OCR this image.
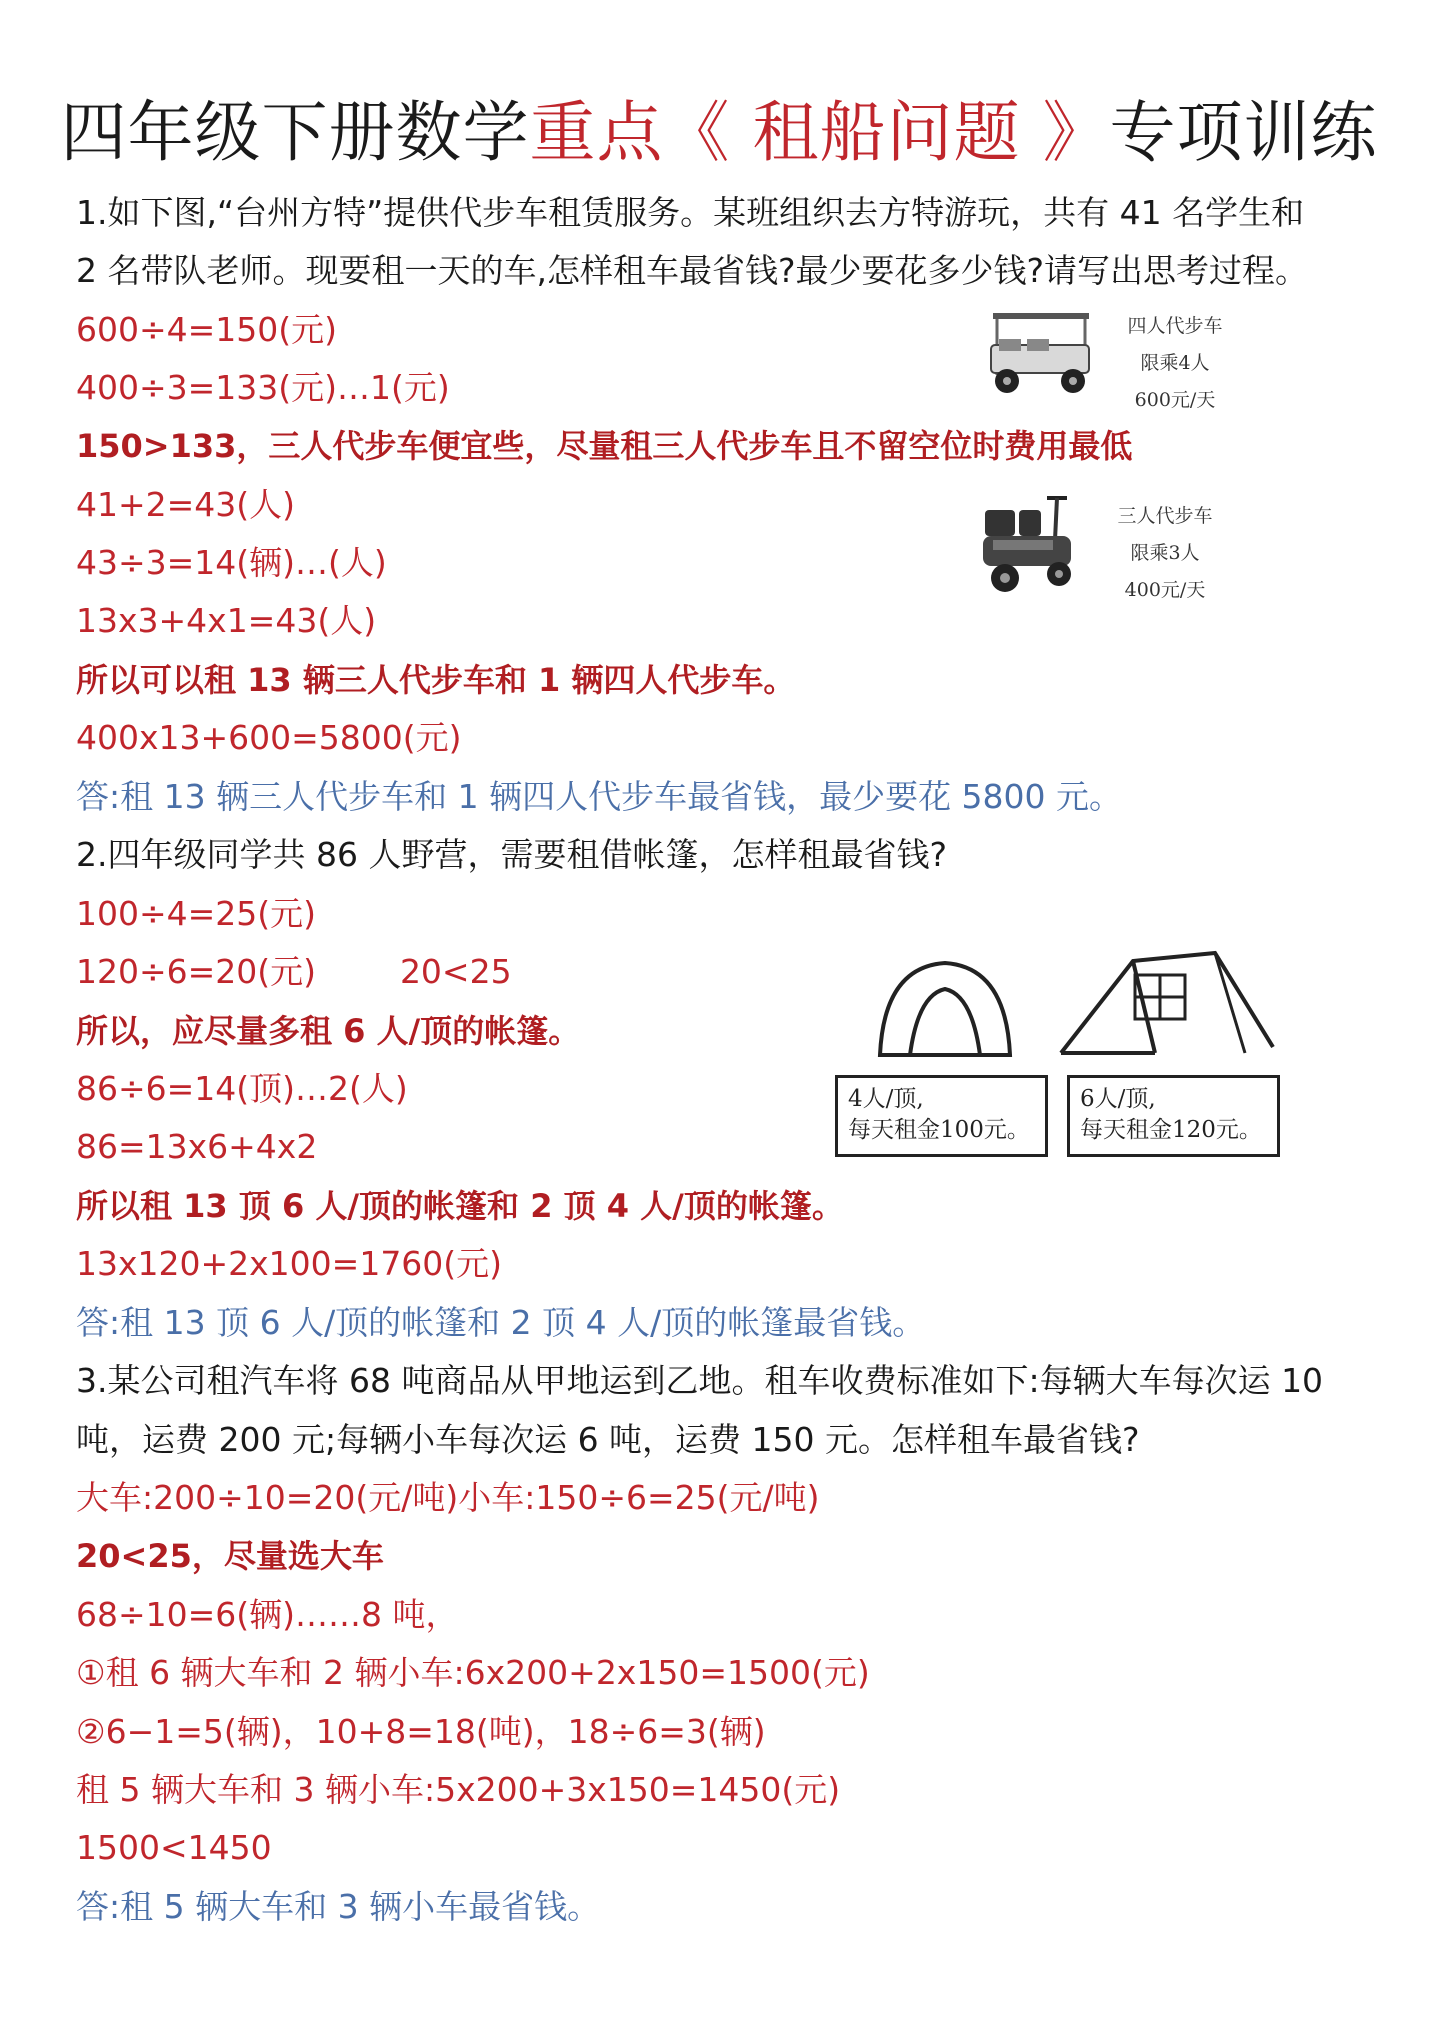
四年级下册数学重点《 租船问题 》专项训练
1.如下图,“台州方特”提供代步车租赁服务。某班组织去方特游玩，共有 41 名学生和
2 名带队老师。现要租一天的车,怎样租车最省钱?最少要花多少钱?请写出思考过程。
600÷4=150(元)
400÷3=133(元)…1(元)
150>133，三人代步车便宜些，尽量租三人代步车且不留空位时费用最低
41+2=43(人)
43÷3=14(辆)…(人)
13x3+4x1=43(人)
所以可以租 13 辆三人代步车和 1 辆四人代步车。
400x13+600=5800(元)
答:租 13 辆三人代步车和 1 辆四人代步车最省钱，最少要花 5800 元。
四人代步车
限乘4人
600元/天
三人代步车
限乘3人
400元/天
2.四年级同学共 86 人野营，需要租借帐篷，怎样租最省钱?
100÷4=25(元)
120÷6=20(元)        20<25
所以，应尽量多租 6 人/顶的帐篷。
86÷6=14(顶)…2(人)
86=13x6+4x2
所以租 13 顶 6 人/顶的帐篷和 2 顶 4 人/顶的帐篷。
13x120+2x100=1760(元)
答:租 13 顶 6 人/顶的帐篷和 2 顶 4 人/顶的帐篷最省钱。
4人/顶,
每天租金100元。
6人/顶,
每天租金120元。
3.某公司租汽车将 68 吨商品从甲地运到乙地。租车收费标准如下:每辆大车每次运 10
吨，运费 200 元;每辆小车每次运 6 吨，运费 150 元。怎样租车最省钱?
大车:200÷10=20(元/吨)小车:150÷6=25(元/吨)
20<25，尽量选大车
68÷10=6(辆)……8 吨，
①租 6 辆大车和 2 辆小车:6x200+2x150=1500(元)
②6−1=5(辆)，10+8=18(吨)，18÷6=3(辆)
租 5 辆大车和 3 辆小车:5x200+3x150=1450(元)
1500<1450
答:租 5 辆大车和 3 辆小车最省钱。
